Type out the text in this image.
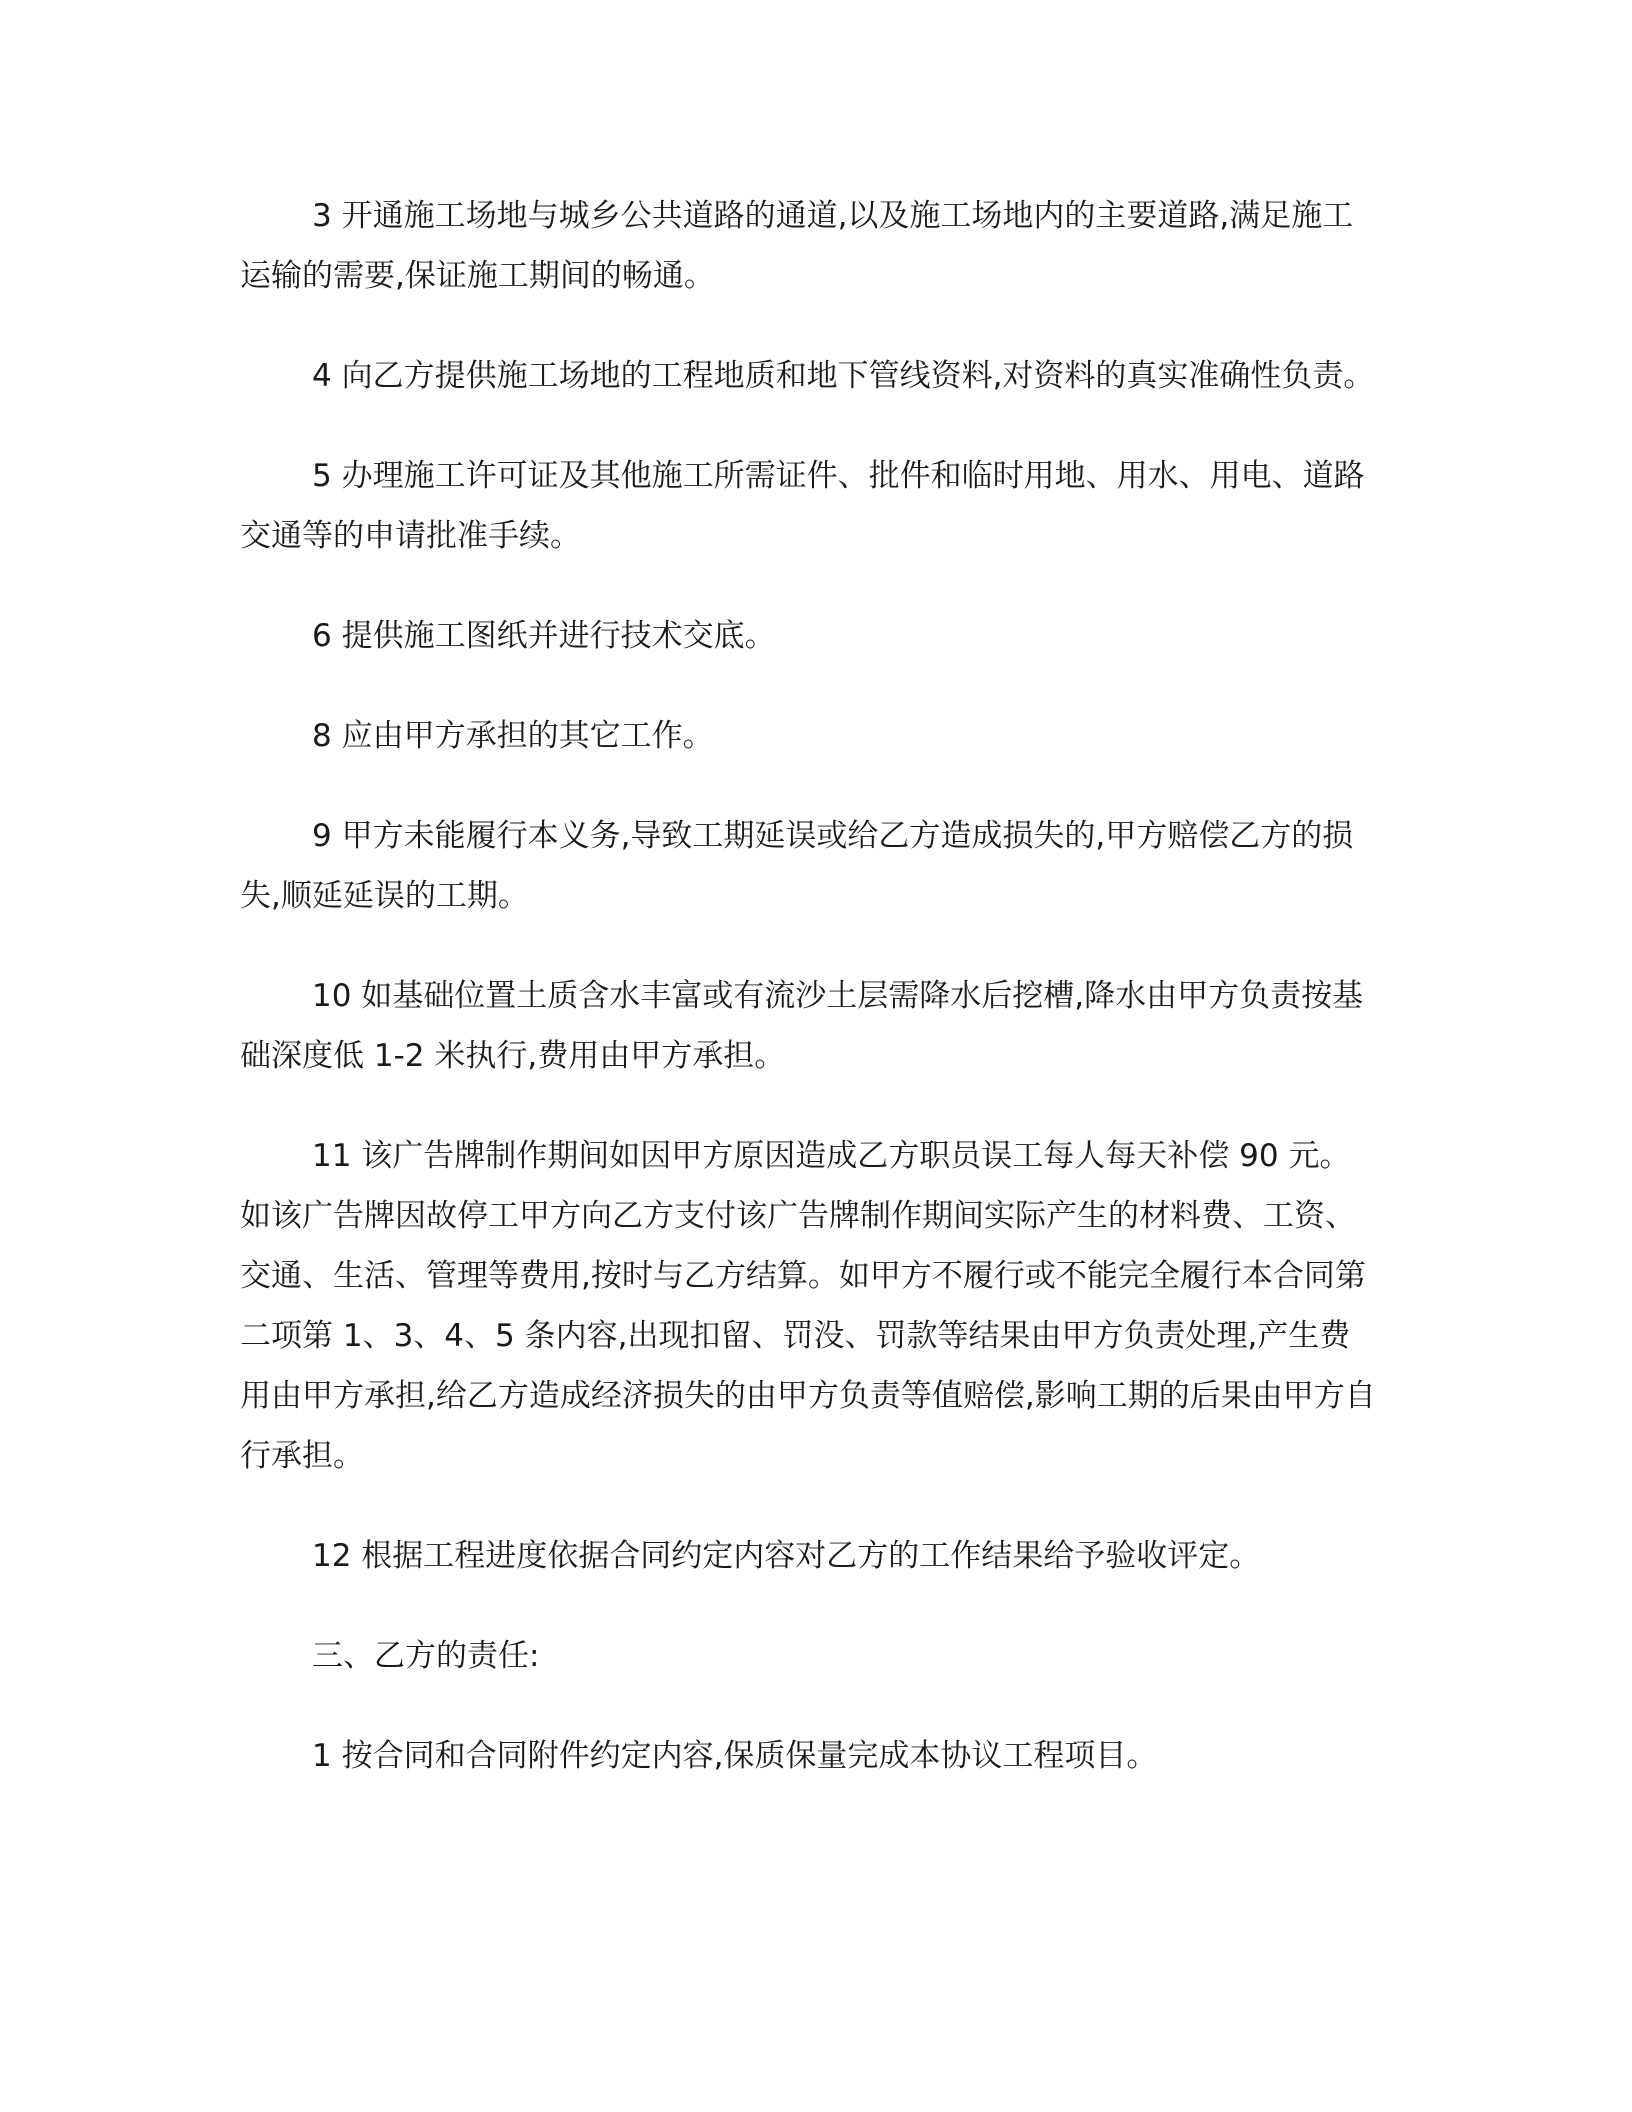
3 开通施工场地与城乡公共道路的通道,以及施工场地内的主要道路,满足施工运输的需要,保证施工期间的畅通。

4 向乙方提供施工场地的工程地质和地下管线资料,对资料的真实准确性负责。

5 办理施工许可证及其他施工所需证件、批件和临时用地、用水、用电、道路交通等的申请批准手续。

6 提供施工图纸并进行技术交底。

8 应由甲方承担的其它工作。

9 甲方未能履行本义务,导致工期延误或给乙方造成损失的,甲方赔偿乙方的损失,顺延延误的工期。

10 如基础位置土质含水丰富或有流沙土层需降水后挖槽,降水由甲方负责按基础深度低 1-2 米执行,费用由甲方承担。

11 该广告牌制作期间如因甲方原因造成乙方职员误工每人每天补偿 90 元。如该广告牌因故停工甲方向乙方支付该广告牌制作期间实际产生的材料费、工资、交通、生活、管理等费用,按时与乙方结算。如甲方不履行或不能完全履行本合同第二项第 1、3、4、5 条内容,出现扣留、罚没、罚款等结果由甲方负责处理,产生费用由甲方承担,给乙方造成经济损失的由甲方负责等值赔偿,影响工期的后果由甲方自行承担。

12 根据工程进度依据合同约定内容对乙方的工作结果给予验收评定。

三、乙方的责任:

1 按合同和合同附件约定内容,保质保量完成本协议工程项目。
